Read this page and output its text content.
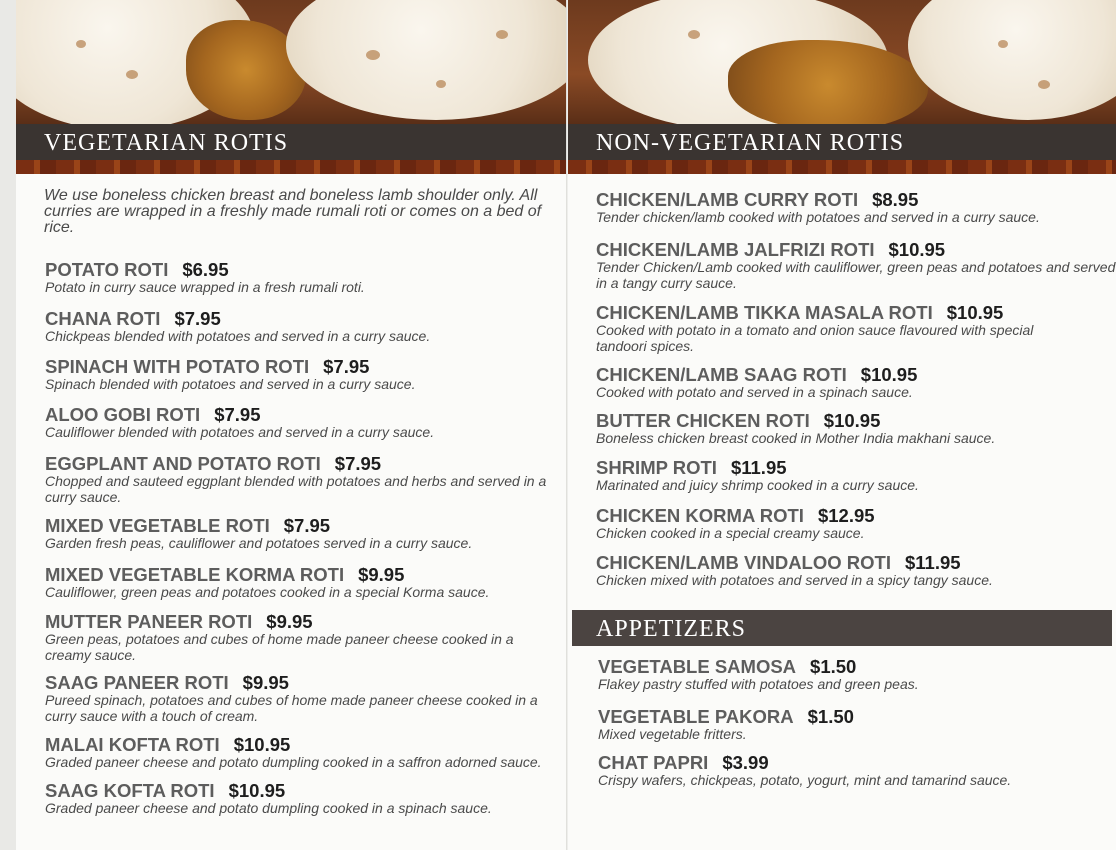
VEGETARIAN ROTIS
We use boneless chicken breast and boneless lamb shoulder only. All curries are wrapped in a freshly made rumali roti or comes on a bed of rice.
POTATO ROTI $6.95
Potato in curry sauce wrapped in a fresh rumali roti.
CHANA ROTI $7.95
Chickpeas blended with potatoes and served in a curry sauce.
SPINACH WITH POTATO ROTI $7.95
Spinach blended with potatoes and served in a curry sauce.
ALOO GOBI ROTI $7.95
Cauliflower blended with potatoes and served in a curry sauce.
EGGPLANT AND POTATO ROTI $7.95
Chopped and sauteed eggplant blended with potatoes and herbs and served in a curry sauce.
MIXED VEGETABLE ROTI $7.95
Garden fresh peas, cauliflower and potatoes served in a curry sauce.
MIXED VEGETABLE KORMA ROTI $9.95
Cauliflower, green peas and potatoes cooked in a special Korma sauce.
MUTTER PANEER ROTI $9.95
Green peas, potatoes and cubes of home made paneer cheese cooked in a creamy sauce.
SAAG PANEER ROTI $9.95
Pureed spinach, potatoes and cubes of home made paneer cheese cooked in a curry sauce with a touch of cream.
MALAI KOFTA ROTI $10.95
Graded paneer cheese and potato dumpling cooked in a saffron adorned sauce.
SAAG KOFTA ROTI $10.95
Graded paneer cheese and potato dumpling cooked in a spinach sauce.
NON-VEGETARIAN ROTIS
CHICKEN/LAMB CURRY ROTI $8.95
Tender chicken/lamb cooked with potatoes and served in a curry sauce.
CHICKEN/LAMB JALFRIZI ROTI $10.95
Tender Chicken/Lamb cooked with cauliflower, green peas and potatoes and served in a tangy curry sauce.
CHICKEN/LAMB TIKKA MASALA ROTI $10.95
Cooked with potato in a tomato and onion sauce flavoured with special tandoori spices.
CHICKEN/LAMB SAAG ROTI $10.95
Cooked with potato and served in a spinach sauce.
BUTTER CHICKEN ROTI $10.95
Boneless chicken breast cooked in Mother India makhani sauce.
SHRIMP ROTI $11.95
Marinated and juicy shrimp cooked in a curry sauce.
CHICKEN KORMA ROTI $12.95
Chicken cooked in a special creamy sauce.
CHICKEN/LAMB VINDALOO ROTI $11.95
Chicken mixed with potatoes and served in a spicy tangy sauce.
APPETIZERS
VEGETABLE SAMOSA $1.50
Flakey pastry stuffed with potatoes and green peas.
VEGETABLE PAKORA $1.50
Mixed vegetable fritters.
CHAT PAPRI $3.99
Crispy wafers, chickpeas, potato, yogurt, mint and tamarind sauce.
